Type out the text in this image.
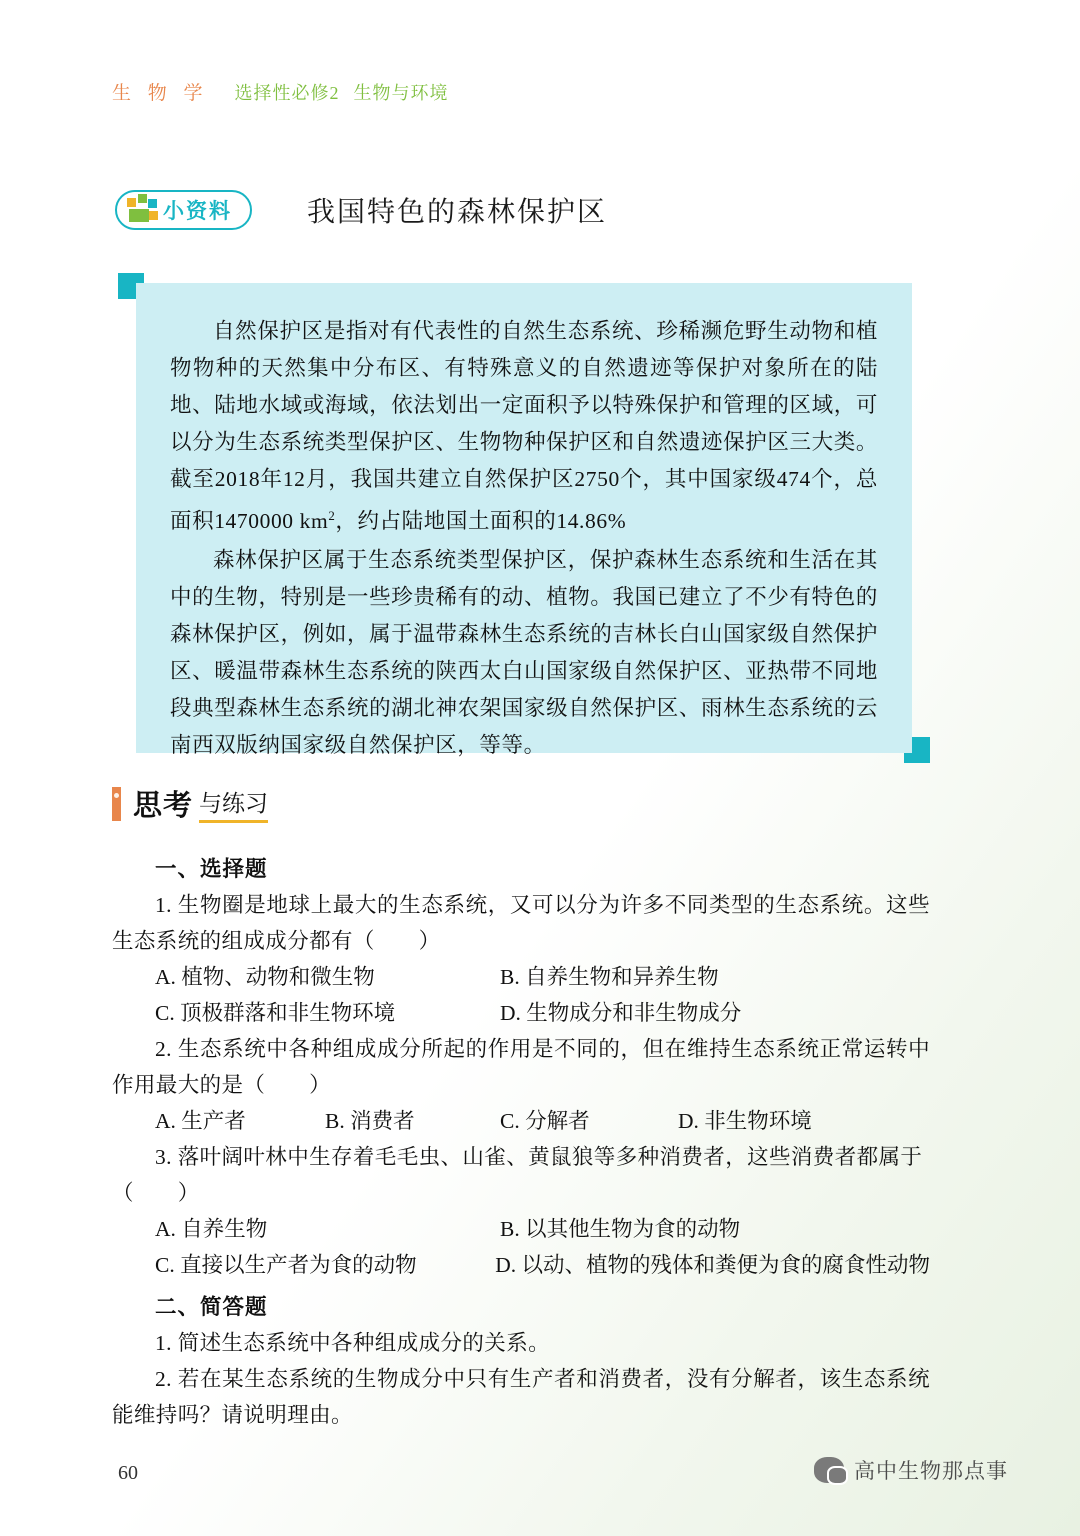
生 物 学 选择性必修2 生物与环境
小资料	我国特色的森林保护区

自然保护区是指对有代表性的自然生态系统、珍稀濒危野生动物和植物物种的天然集中分布区、有特殊意义的自然遗迹等保护对象所在的陆地、陆地水域或海域，依法划出一定面积予以特殊保护和管理的区域，可以分为生态系统类型保护区、生物物种保护区和自然遗迹保护区三大类。截至2018年12月，我国共建立自然保护区2750个，其中国家级474个，总面积1470000 $km^2$，约占陆地国土面积的14.86%

森林保护区属于生态系统类型保护区，保护森林生态系统和生活在其中的生物，特别是一些珍贵稀有的动、植物。我国已建立了不少有特色的森林保护区，例如，属于温带森林生态系统的吉林长白山国家级自然保护区、暖温带森林生态系统的陕西太白山国家级自然保护区、亚热带不同地段典型森林生态系统的湖北神农架国家级自然保护区、雨林生态系统的云南西双版纳国家级自然保护区，等等。

思考 与练习

一、选择题

1. 生物圈是地球上最大的生态系统，又可以分为许多不同类型的生态系统。这些生态系统的组成成分都有（　　）

A. 植物、动物和微生物	B. 自养生物和异养生物
C. 顶极群落和非生物环境	D. 生物成分和非生物成分

2. 生态系统中各种组成成分所起的作用是不同的，但在维持生态系统正常运转中作用最大的是（　　）

A. 生产者	B. 消费者	C. 分解者	D. 非生物环境

3. 落叶阔叶林中生存着毛毛虫、山雀、黄鼠狼等多种消费者，这些消费者都属于

（　　）

A. 自养生物	B. 以其他生物为食的动物
C. 直接以生产者为食的动物	D. 以动、植物的残体和粪便为食的腐食性动物

二、简答题

1. 简述生态系统中各种组成成分的关系。

2. 若在某生态系统的生物成分中只有生产者和消费者，没有分解者，该生态系统能维持吗？请说明理由。

60	高中生物那点事
